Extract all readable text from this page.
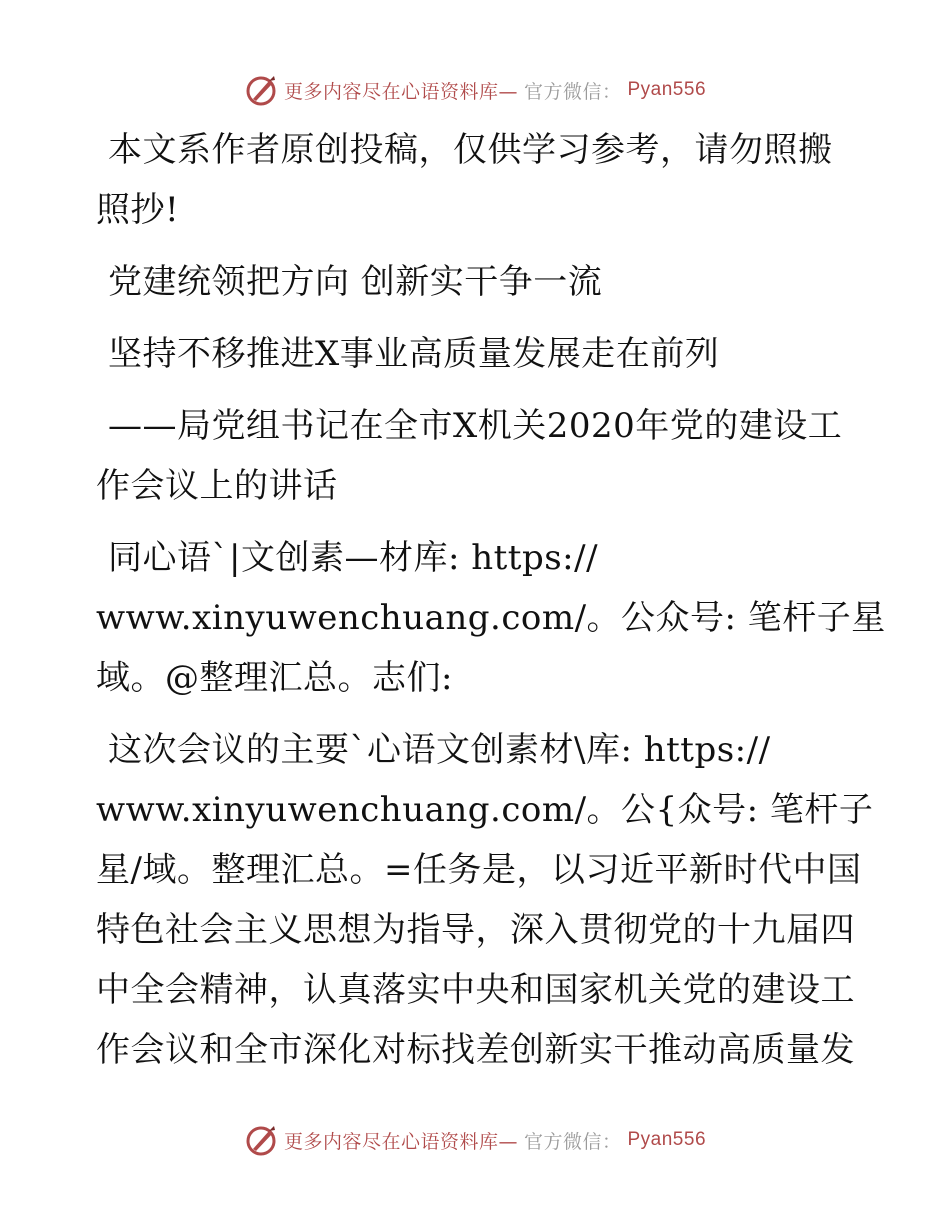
更多内容尽在心语资料库— 官方微信： Pyan556
本文系作者原创投稿，仅供学习参考，请勿照搬
照抄!
党建统领把方向 创新实干争一流
坚持不移推进X事业高质量发展走在前列
——局党组书记在全市X机关2020年党的建设工
作会议上的讲话
同心语`|文创素—材库: https://
www.xinyuwenchuang.com/。公众号: 笔杆子星
域。@整理汇总。志们:
这次会议的主要`心语文创素材\库: https://
www.xinyuwenchuang.com/。公{众号: 笔杆子
星/域。整理汇总。=任务是，以习近平新时代中国
特色社会主义思想为指导，深入贯彻党的十九届四
中全会精神，认真落实中央和国家机关党的建设工
作会议和全市深化对标找差创新实干推动高质量发
更多内容尽在心语资料库— 官方微信： Pyan556
